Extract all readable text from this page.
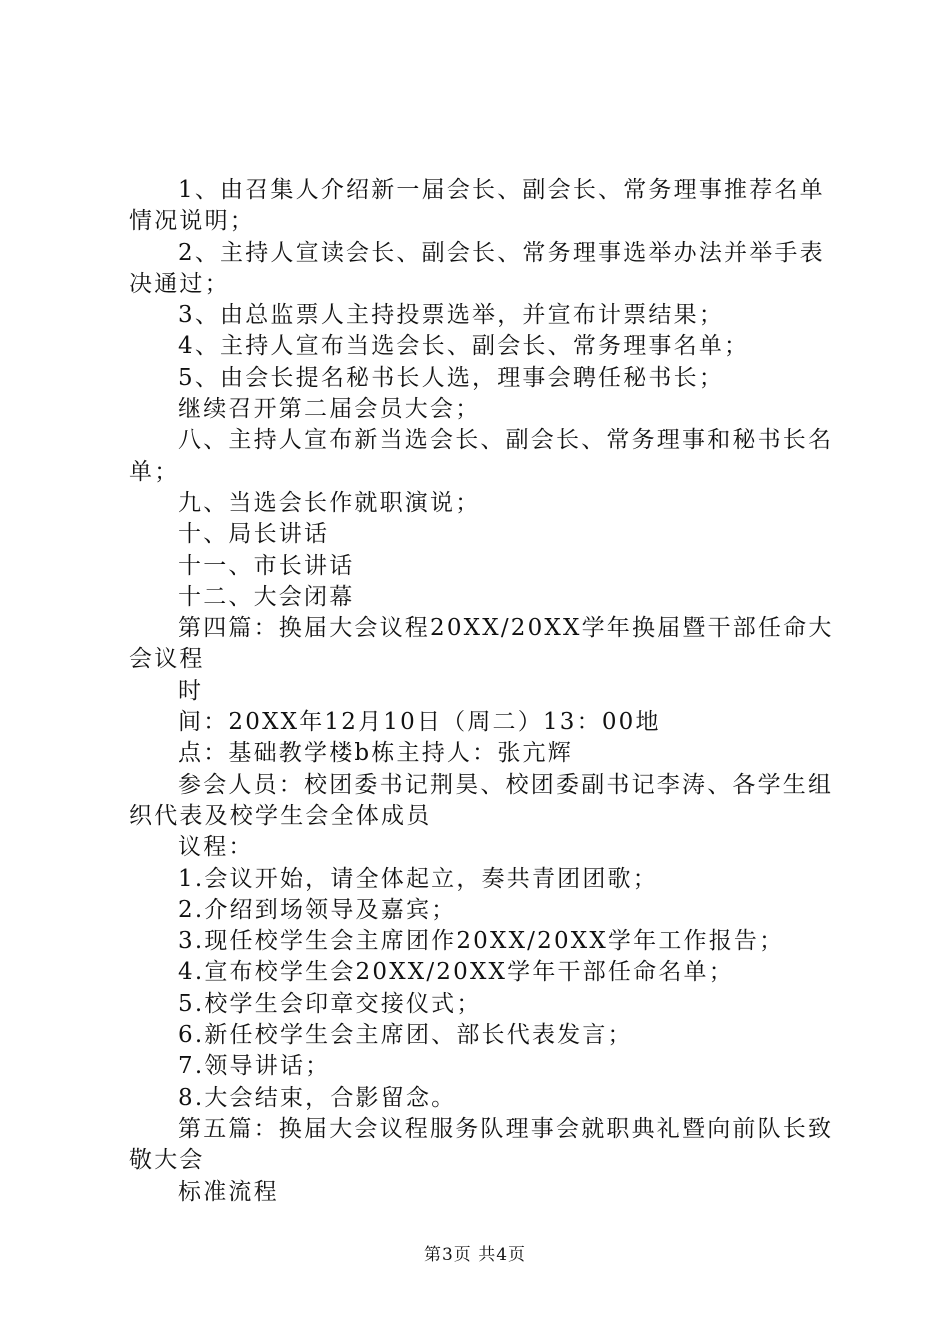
1、由召集人介绍新一届会长、副会长、常务理事推荐名单情况说明；

2、主持人宣读会长、副会长、常务理事选举办法并举手表决通过；

3、由总监票人主持投票选举，并宣布计票结果；

4、主持人宣布当选会长、副会长、常务理事名单；

5、由会长提名秘书长人选，理事会聘任秘书长；

继续召开第二届会员大会；

八、主持人宣布新当选会长、副会长、常务理事和秘书长名单；

九、当选会长作就职演说；

十、局长讲话

十一、市长讲话

十二、大会闭幕

第四篇：换届大会议程20XX/20XX学年换届暨干部任命大会议程

时

间：20XX年12月10日（周二）13：00地

点：基础教学楼b栋主持人：张亢辉

参会人员：校团委书记荆昊、校团委副书记李涛、各学生组织代表及校学生会全体成员

议程：

1.会议开始，请全体起立，奏共青团团歌；

2.介绍到场领导及嘉宾；

3.现任校学生会主席团作20XX/20XX学年工作报告；

4.宣布校学生会20XX/20XX学年干部任命名单；

5.校学生会印章交接仪式；

6.新任校学生会主席团、部长代表发言；

7.领导讲话；

8.大会结束，合影留念。

第五篇：换届大会议程服务队理事会就职典礼暨向前队长致敬大会

标准流程

第3页 共4页
